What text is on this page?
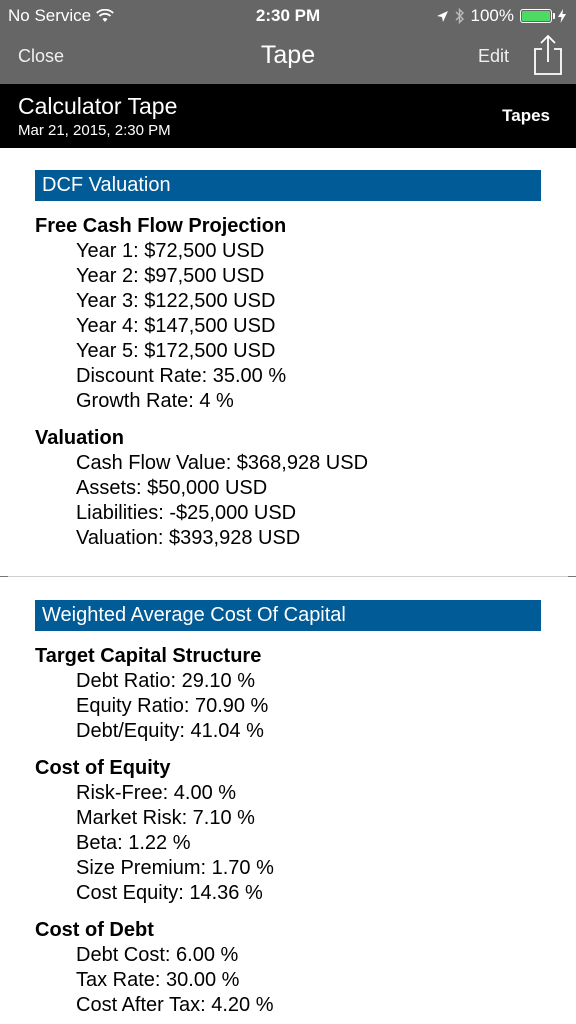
No Service	2:30 PM	100%
Close	Tape	Edit
Calculator Tape
Mar 21, 2015, 2:30 PM
Tapes
DCF Valuation
Free Cash Flow Projection
Year 1: $72,500 USD
Year 2: $97,500 USD
Year 3: $122,500 USD
Year 4: $147,500 USD
Year 5: $172,500 USD
Discount Rate: 35.00 %
Growth Rate: 4 %
Valuation
Cash Flow Value: $368,928 USD
Assets: $50,000 USD
Liabilities: -$25,000 USD
Valuation: $393,928 USD
Weighted Average Cost Of Capital
Target Capital Structure
Debt Ratio: 29.10 %
Equity Ratio: 70.90 %
Debt/Equity: 41.04 %
Cost of Equity
Risk-Free: 4.00 %
Market Risk: 7.10 %
Beta: 1.22 %
Size Premium: 1.70 %
Cost Equity: 14.36 %
Cost of Debt
Debt Cost: 6.00 %
Tax Rate: 30.00 %
Cost After Tax: 4.20 %
